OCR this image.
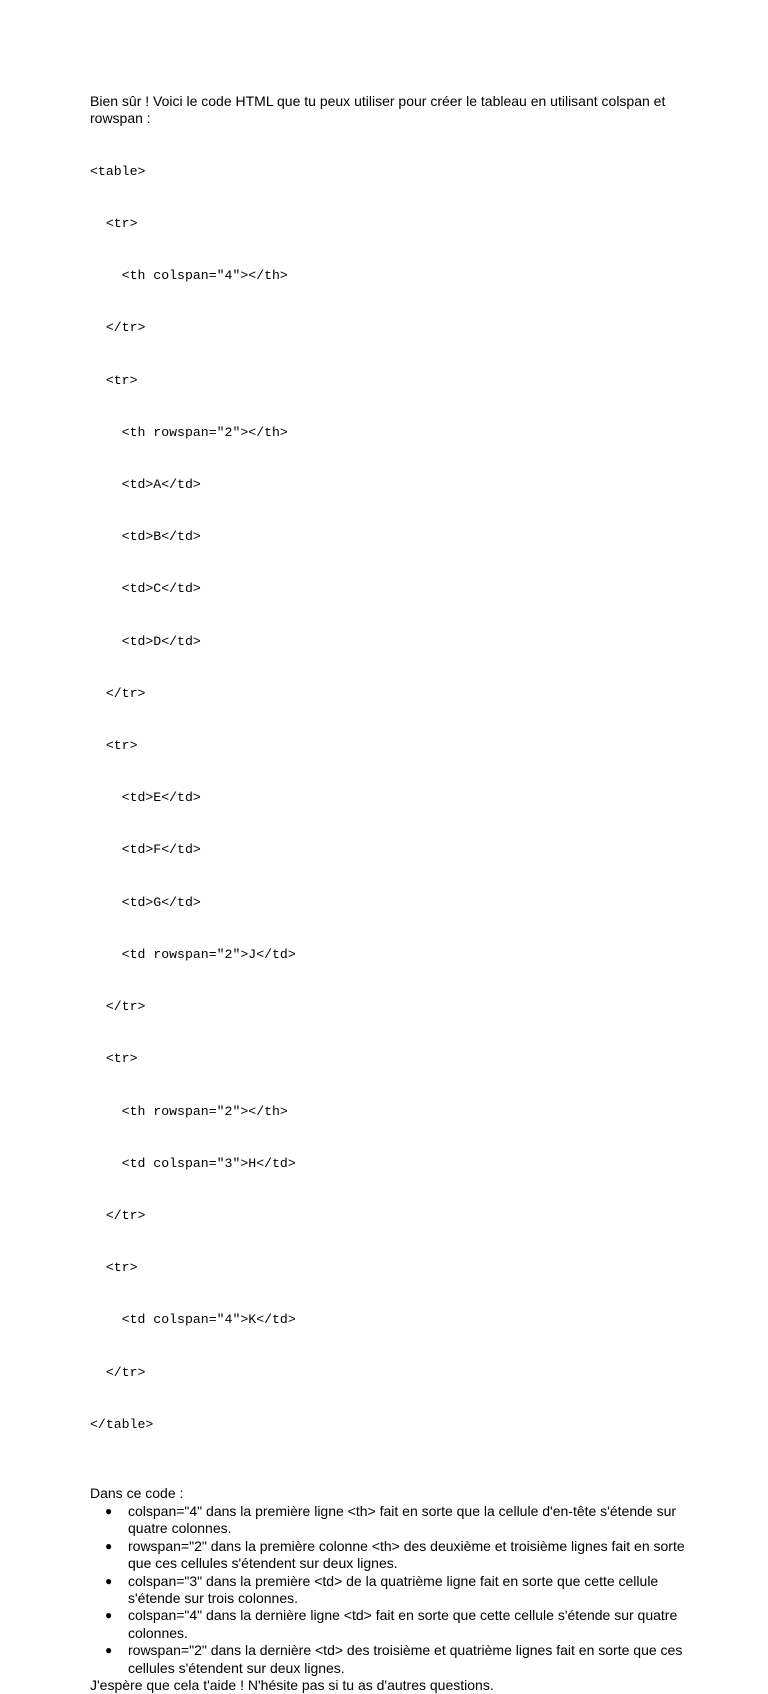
Bien sûr ! Voici le code HTML que tu peux utiliser pour créer le tableau en utilisant colspan et rowspan :

<table>

<tr>

<th colspan="4"></th>

</tr>

<tr>

<th rowspan="2"></th>

<td>A</td>

<td>B</td>

<td>C</td>

<td>D</td>

</tr>

<tr>

<td>E</td>

<td>F</td>

<td>G</td>

<td rowspan="2">J</td>

</tr>

<tr>

<th rowspan="2"></th>

<td colspan="3">H</td>

</tr>

<tr>

<td colspan="4">K</td>

</tr>

</table>

Dans ce code :

● colspan="4" dans la première ligne <th> fait en sorte que la cellule d'en-tête s'étende sur quatre colonnes.
● rowspan="2" dans la première colonne <th> des deuxième et troisième lignes fait en sorte que ces cellules s'étendent sur deux lignes.
● colspan="3" dans la première <td> de la quatrième ligne fait en sorte que cette cellule s'étende sur trois colonnes.
● colspan="4" dans la dernière ligne <td> fait en sorte que cette cellule s'étende sur quatre colonnes.
● rowspan="2" dans la dernière <td> des troisième et quatrième lignes fait en sorte que ces cellules s'étendent sur deux lignes.

J'espère que cela t'aide ! N'hésite pas si tu as d'autres questions.
